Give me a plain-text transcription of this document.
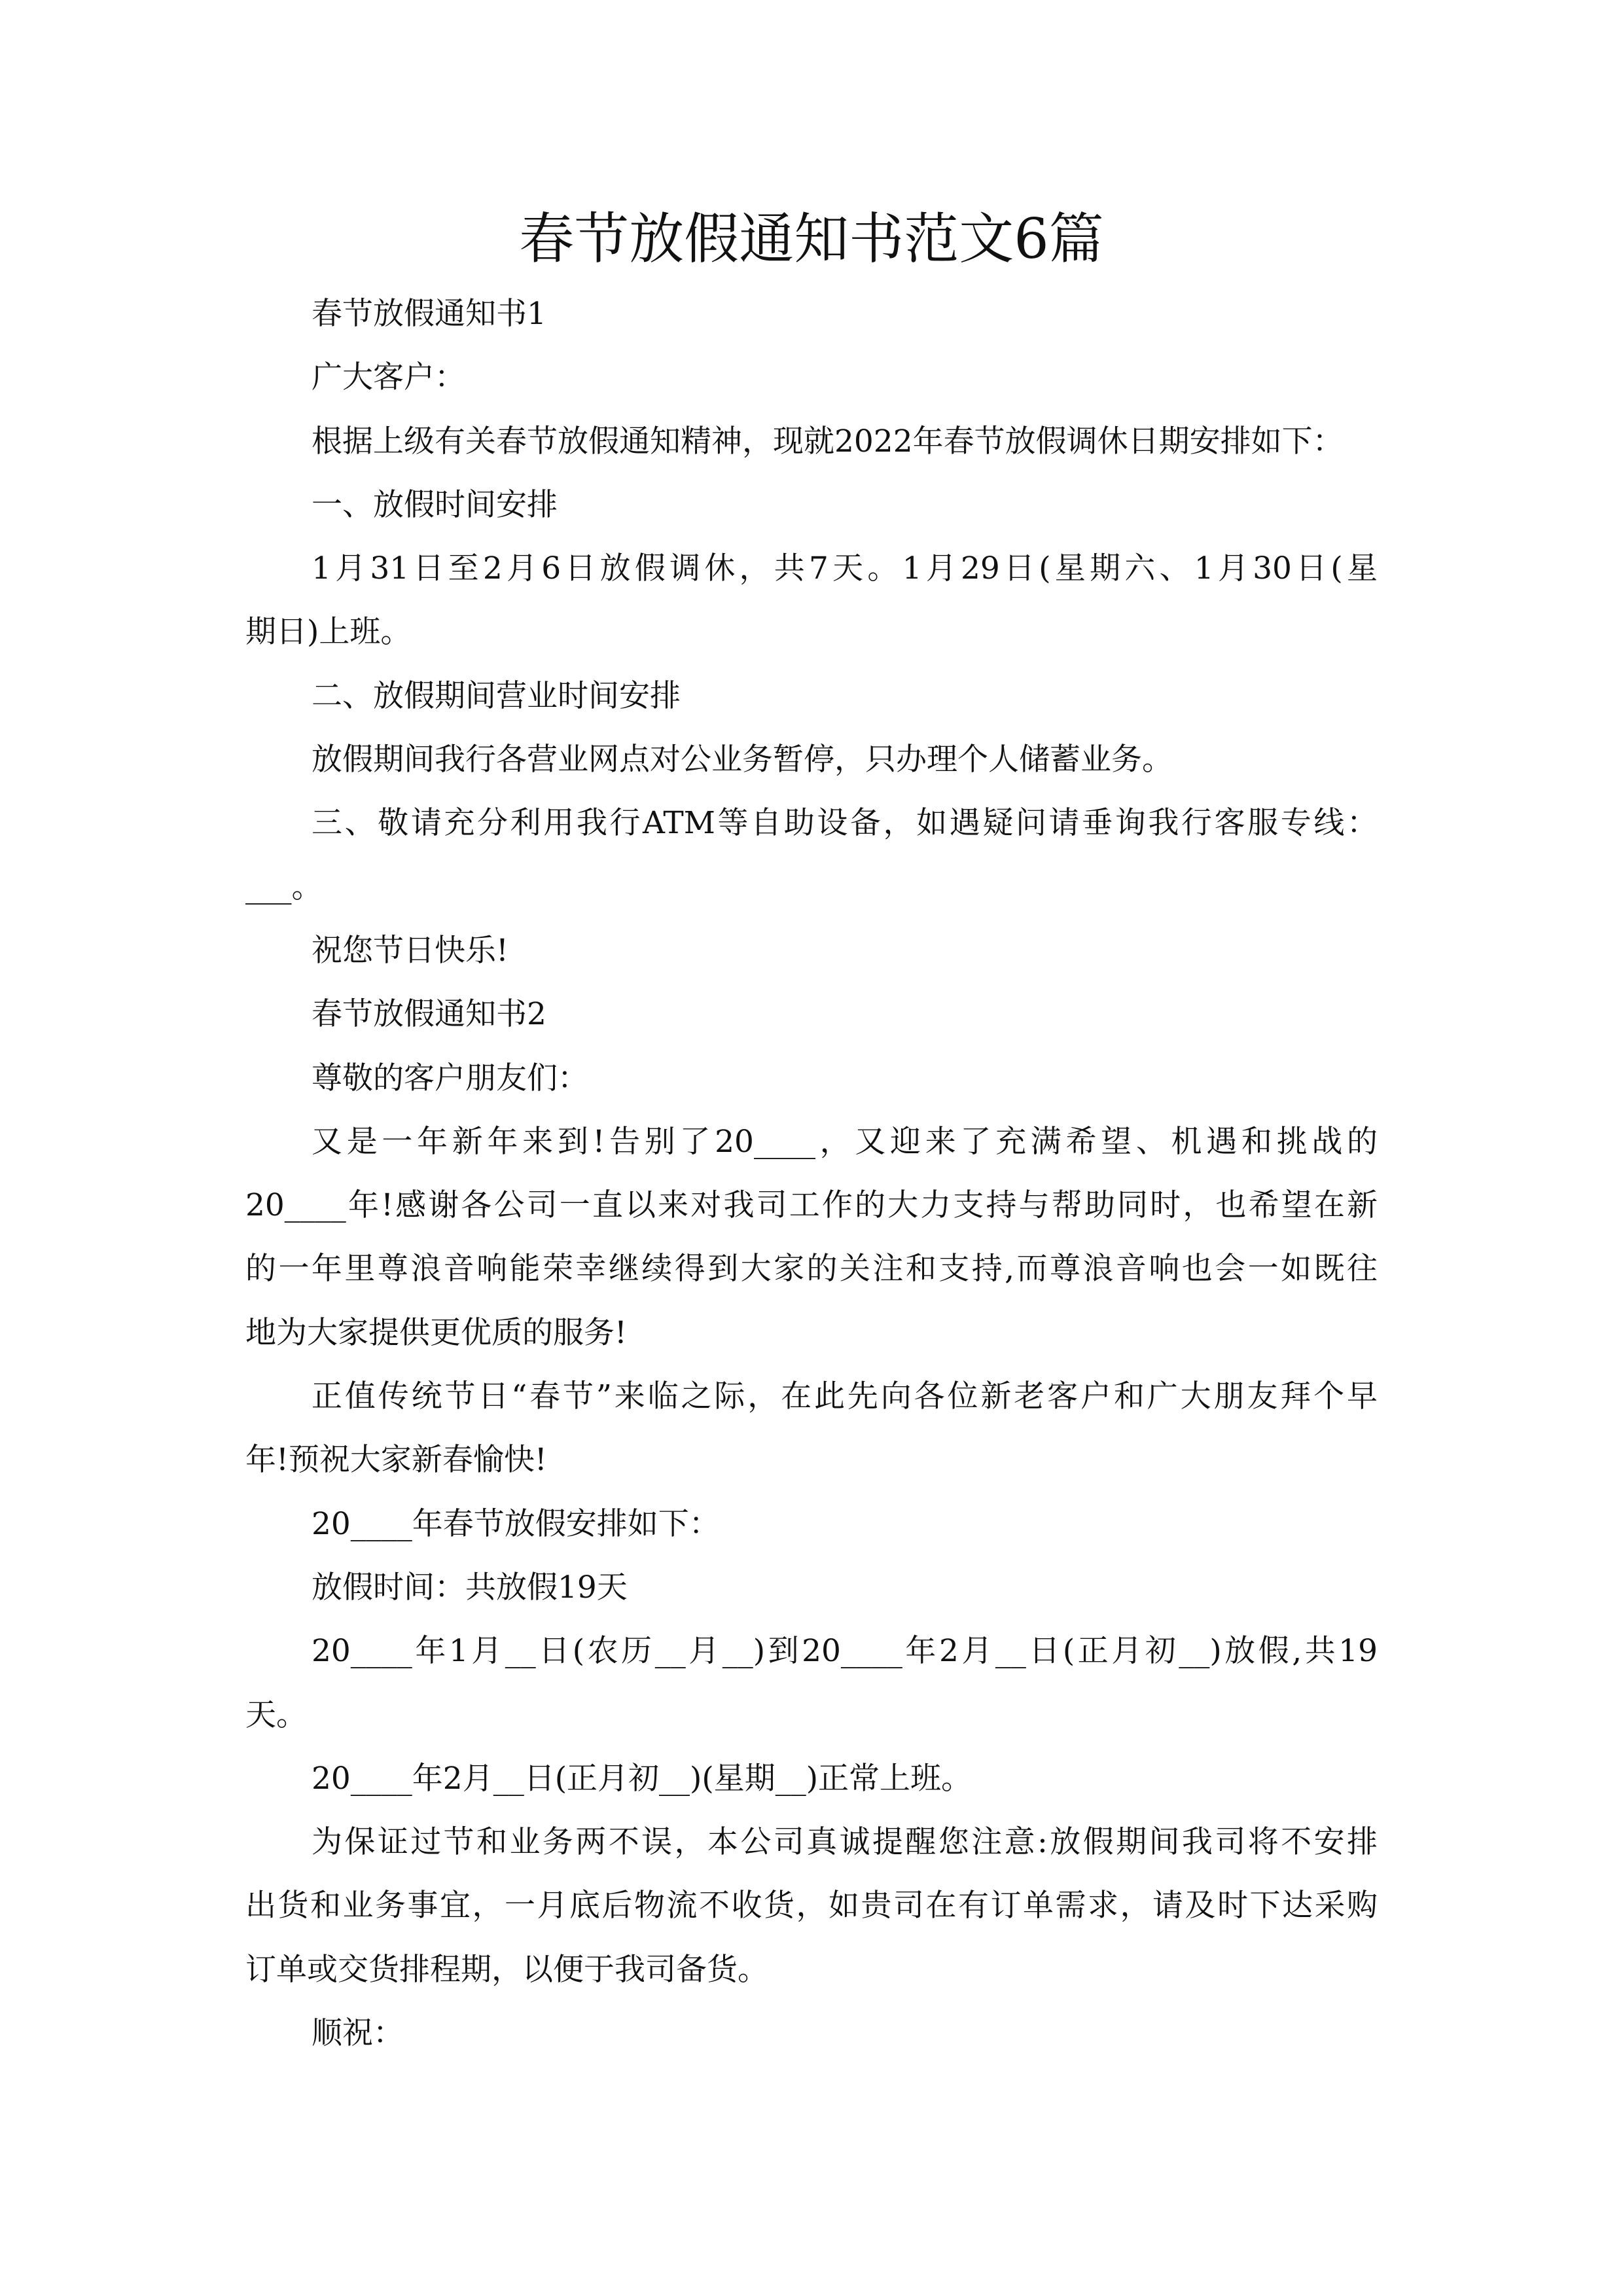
春节放假通知书范文6篇
春节放假通知书1
广大客户：
根据上级有关春节放假通知精神，现就2022年春节放假调休日期安排如下：
一、放假时间安排
1月31日至2月6日放假调休，共7天。1月29日(星期六、1月30日(星
期日)上班。
二、放假期间营业时间安排
放假期间我行各营业网点对公业务暂停，只办理个人储蓄业务。
三、敬请充分利用我行ATM等自助设备，如遇疑问请垂询我行客服专线：
___。
祝您节日快乐!
春节放假通知书2
尊敬的客户朋友们：
又是一年新年来到!告别了20____，又迎来了充满希望、机遇和挑战的
20____年!感谢各公司一直以来对我司工作的大力支持与帮助同时，也希望在新
的一年里尊浪音响能荣幸继续得到大家的关注和支持,而尊浪音响也会一如既往
地为大家提供更优质的服务!
正值传统节日“春节”来临之际，在此先向各位新老客户和广大朋友拜个早
年!预祝大家新春愉快!
20____年春节放假安排如下：
放假时间：共放假19天
20____年1月__日(农历__月__)到20____年2月__日(正月初__)放假,共19
天。
20____年2月__日(正月初__)(星期__)正常上班。
为保证过节和业务两不误，本公司真诚提醒您注意:放假期间我司将不安排
出货和业务事宜，一月底后物流不收货，如贵司在有订单需求，请及时下达采购
订单或交货排程期，以便于我司备货。
顺祝：
